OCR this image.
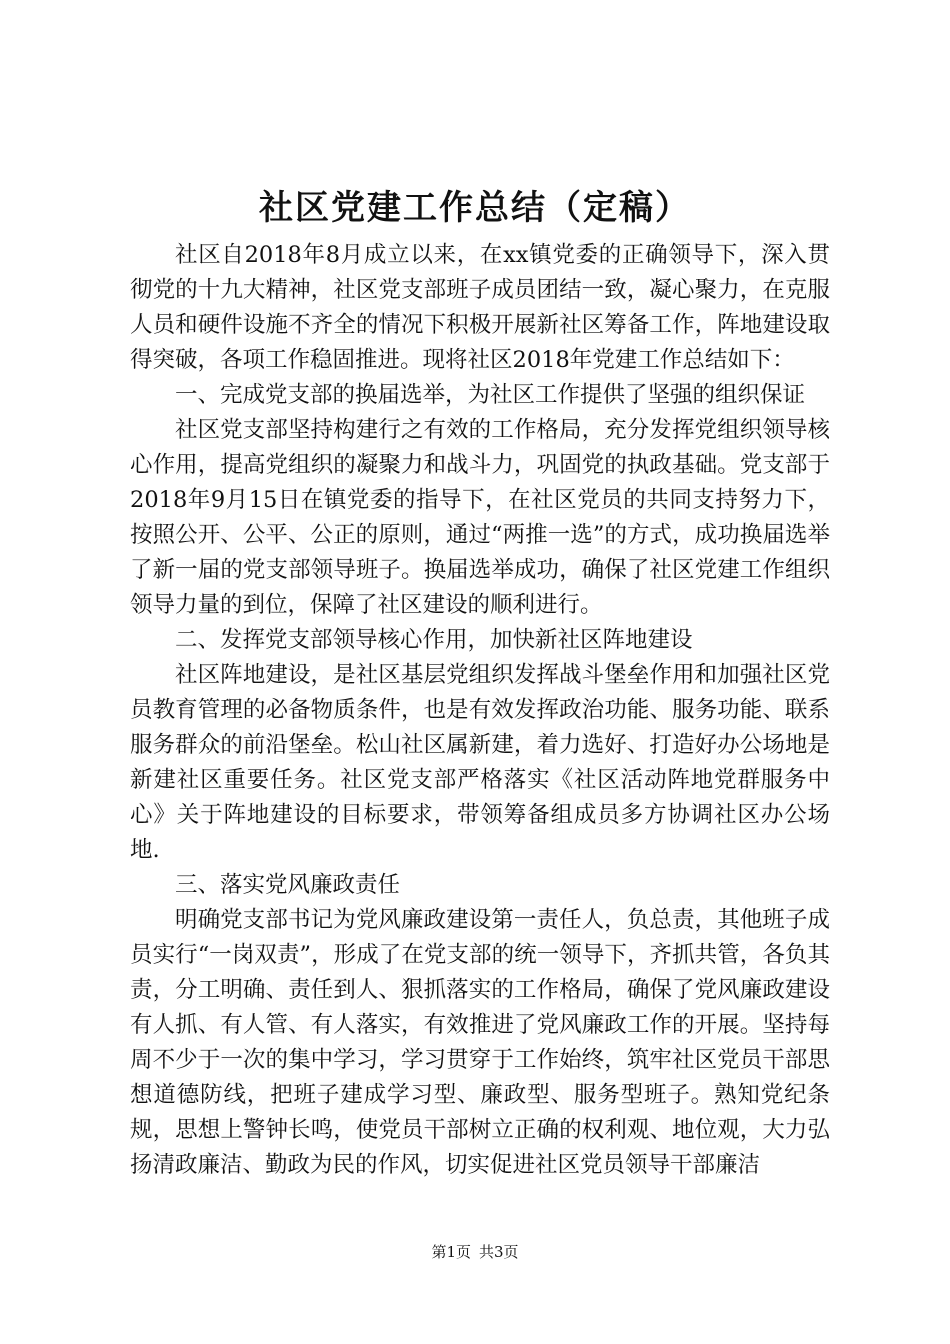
社区党建工作总结（定稿）

社区自2018年8月成立以来，在xx镇党委的正确领导下，深入贯彻党的十九大精神，社区党支部班子成员团结一致，凝心聚力，在克服人员和硬件设施不齐全的情况下积极开展新社区筹备工作，阵地建设取得突破，各项工作稳固推进。现将社区2018年党建工作总结如下：

一、完成党支部的换届选举，为社区工作提供了坚强的组织保证

社区党支部坚持构建行之有效的工作格局，充分发挥党组织领导核心作用，提高党组织的凝聚力和战斗力，巩固党的执政基础。党支部于2018年9月15日在镇党委的指导下，在社区党员的共同支持努力下，按照公开、公平、公正的原则，通过“两推一选”的方式，成功换届选举了新一届的党支部领导班子。换届选举成功，确保了社区党建工作组织领导力量的到位，保障了社区建设的顺利进行。

二、发挥党支部领导核心作用，加快新社区阵地建设

社区阵地建设，是社区基层党组织发挥战斗堡垒作用和加强社区党员教育管理的必备物质条件，也是有效发挥政治功能、服务功能、联系服务群众的前沿堡垒。松山社区属新建，着力选好、打造好办公场地是新建社区重要任务。社区党支部严格落实《社区活动阵地党群服务中心》关于阵地建设的目标要求，带领筹备组成员多方协调社区办公场地.

三、落实党风廉政责任

明确党支部书记为党风廉政建设第一责任人，负总责，其他班子成员实行“一岗双责”，形成了在党支部的统一领导下，齐抓共管，各负其责，分工明确、责任到人、狠抓落实的工作格局，确保了党风廉政建设有人抓、有人管、有人落实，有效推进了党风廉政工作的开展。坚持每周不少于一次的集中学习，学习贯穿于工作始终，筑牢社区党员干部思想道德防线，把班子建成学习型、廉政型、服务型班子。熟知党纪条规，思想上警钟长鸣，使党员干部树立正确的权利观、地位观，大力弘扬清政廉洁、勤政为民的作风，切实促进社区党员领导干部廉洁

第1页 共3页
